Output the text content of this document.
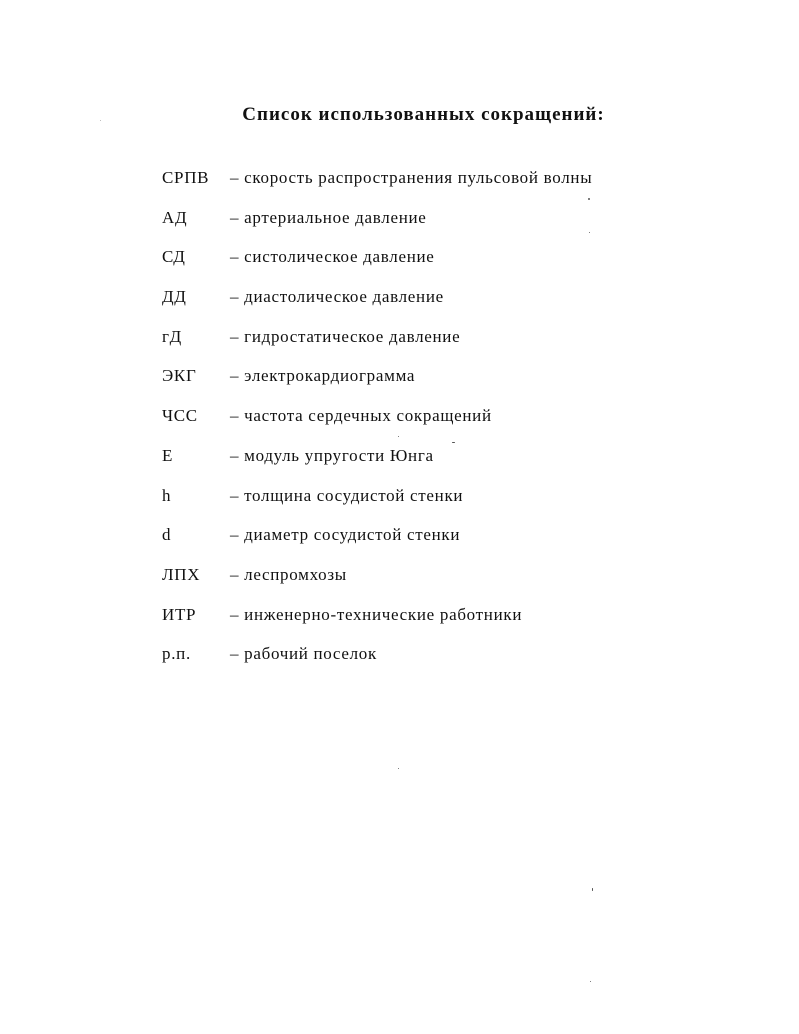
Список использованных сокращений:
СРПВ	– скорость распространения пульсовой волны
АД	– артериальное давление
СД	– систолическое давление
ДД	– диастолическое давление
гД	– гидростатическое давление
ЭКГ	– электрокардиограмма
ЧСС	– частота сердечных сокращений
Е	– модуль упругости Юнга
h	– толщина сосудистой стенки
d	– диаметр сосудистой стенки
ЛПХ	– леспромхозы
ИТР	– инженерно-технические работники
р.п.	– рабочий поселок
